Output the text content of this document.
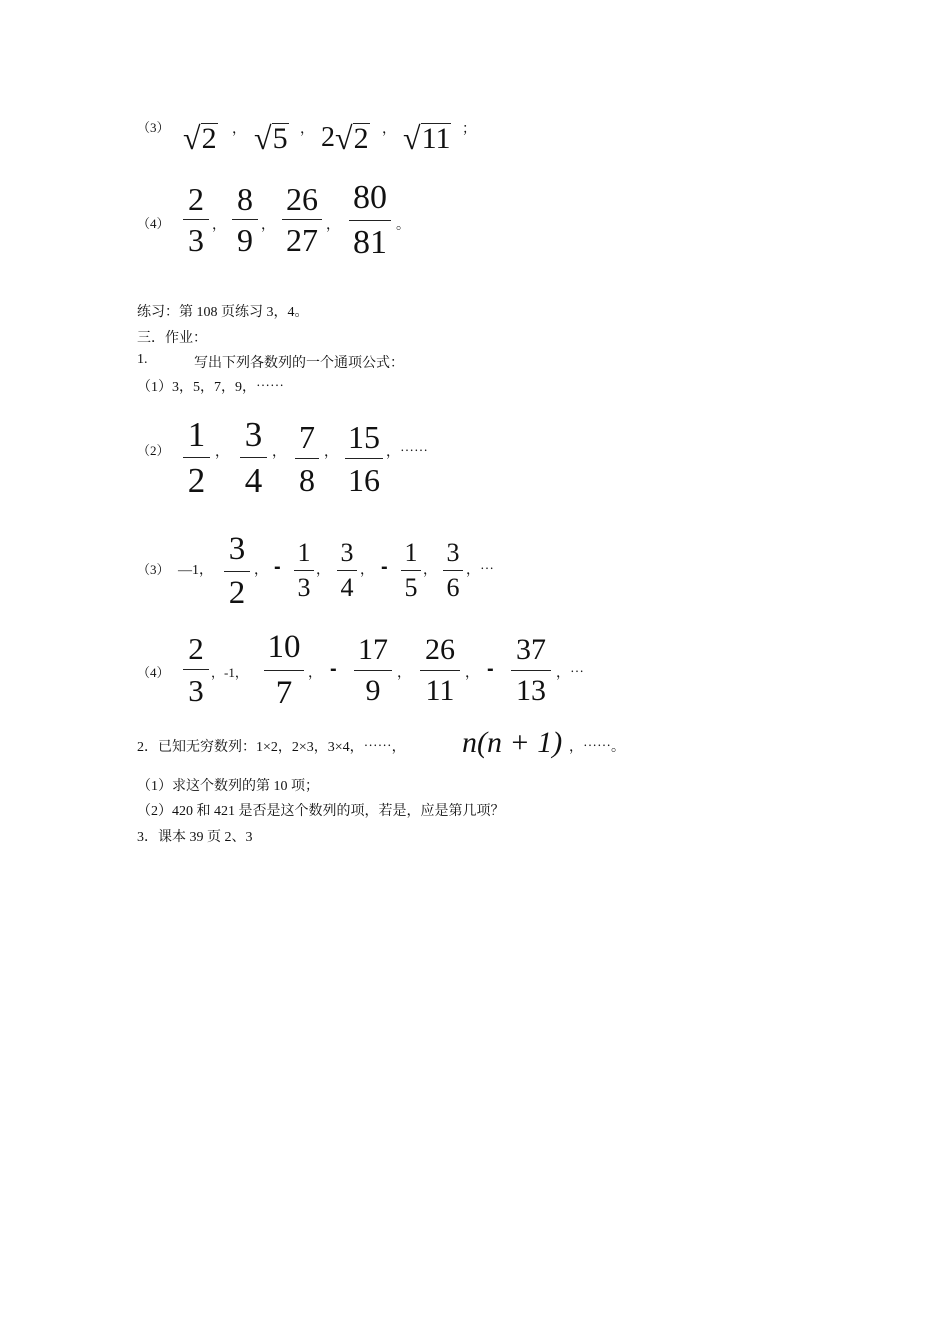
（3） √ 2 ， √ 5 ， 2 √ 2 ， √ 11 ；
（4）
2
3 ，
8
9 ，
26
27 ，
80
81 。
练习：第 108 页练习 3，4。
三．作业：
1.	写出下列各数列的一个通项公式：
（1）3，5，7，9，⋯⋯
（2） 1
2
， 3
4
， 7
8
， 15
16
，⋯⋯
（3） —1，
3
2
， - 1
3
，
3
4
， - 1
5
，
3
6
，⋯
（4）
2
3
，-1，
10
7
， -
17
9
，
26
11
， -
37
13
，⋯
2．已知无穷数列：1×2，2×3，3×4，⋯⋯， n(n + 1) ，⋯⋯。
（1）求这个数列的第 10 项；
（2）420 和 421 是否是这个数列的项，若是，应是第几项？
3．课本 39 页 2、3
